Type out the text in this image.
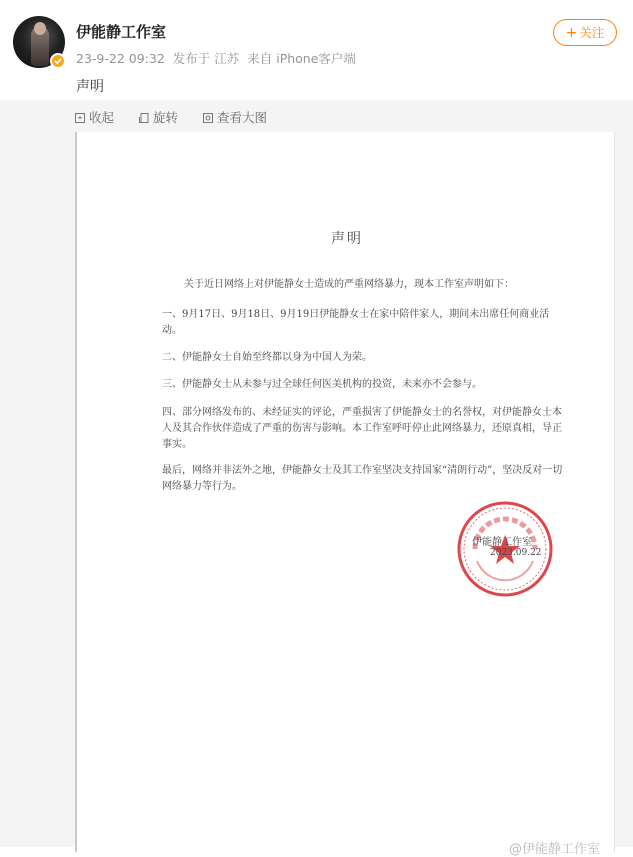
伊能静工作室
23-9-22 09:32 发布于 江苏 来自 iPhone客户端
+ 关注
声明
收起	旋转	查看大图
声明
关于近日网络上对伊能静女士造成的严重网络暴力，现本工作室声明如下：
一、9月17日、9月18日、9月19日伊能静女士在家中陪伴家人，期间未出席任何商业活动。
二、伊能静女士自始至终都以身为中国人为荣。
三、伊能静女士从未参与过全球任何医美机构的投资，未来亦不会参与。
四、部分网络发布的、未经证实的评论，严重损害了伊能静女士的名誉权，对伊能静女士本人及其合作伙伴造成了严重的伤害与影响。本工作室呼吁停止此网络暴力，还原真相，导正事实。
最后，网络并非法外之地，伊能静女士及其工作室坚决支持国家“清朗行动”，坚决反对一切网络暴力等行为。
伊能静工作室
2023.09.22
@伊能静工作室
